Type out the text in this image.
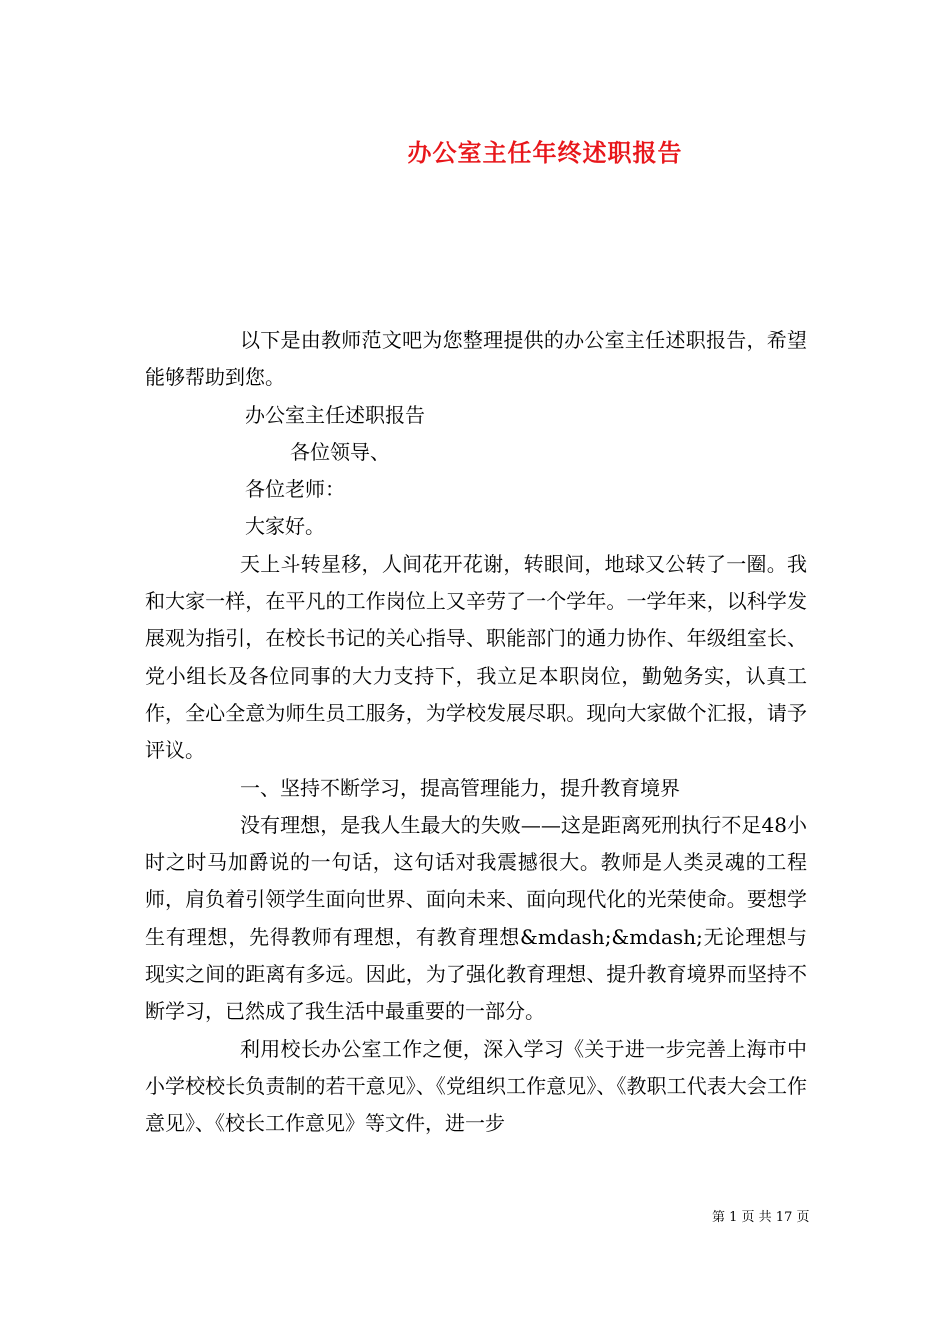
办公室主任年终述职报告

以下是由教师范文吧为您整理提供的办公室主任述职报告，希望能够帮助到您。

办公室主任述职报告

各位领导、

各位老师：

大家好。

天上斗转星移，人间花开花谢，转眼间，地球又公转了一圈。我和大家一样，在平凡的工作岗位上又辛劳了一个学年。一学年来，以科学发展观为指引，在校长书记的关心指导、职能部门的通力协作、年级组室长、党小组长及各位同事的大力支持下，我立足本职岗位，勤勉务实，认真工作，全心全意为师生员工服务，为学校发展尽职。现向大家做个汇报，请予评议。

一、坚持不断学习，提高管理能力，提升教育境界

没有理想，是我人生最大的失败——这是距离死刑执行不足48小时之时马加爵说的一句话，这句话对我震撼很大。教师是人类灵魂的工程师，肩负着引领学生面向世界、面向未来、面向现代化的光荣使命。要想学生有理想，先得教师有理想，有教育理想&mdash;&mdash;无论理想与现实之间的距离有多远。因此，为了强化教育理想、提升教育境界而坚持不断学习，已然成了我生活中最重要的一部分。

利用校长办公室工作之便，深入学习《关于进一步完善上海市中小学校校长负责制的若干意见》、《党组织工作意见》、《教职工代表大会工作意见》、《校长工作意见》等文件，进一步

第 1 页 共 17 页
